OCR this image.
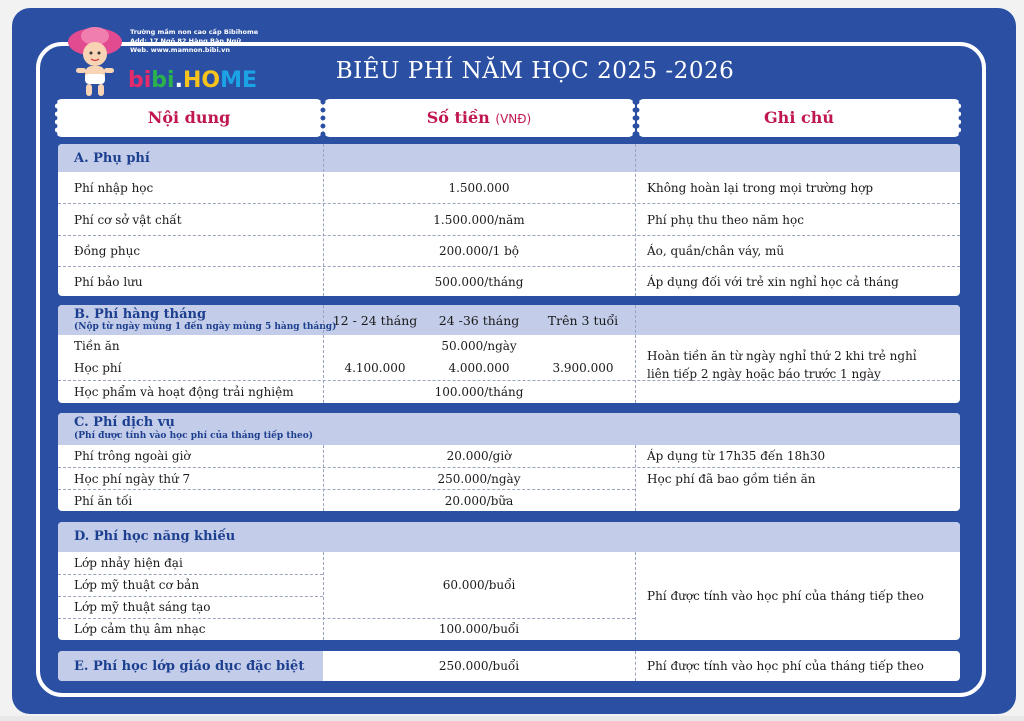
Trường mầm non cao cấp Bibihome
Add: 17 Ngõ 82 Hàng Bàn Ngữ
Web. www.mamnon.bibi.vn
bibi.HOME	BIÊU PHÍ NĂM HỌC 2025 -2026
Nội dung	Số tiền (VNĐ)	Ghi chú
A. Phụ phí
Phí nhập học	1.500.000	Không hoàn lại trong mọi trường hợp
Phí cơ sở vật chất	1.500.000/năm	Phí phụ thu theo năm học
Đồng phục	200.000/1 bộ	Áo, quần/chân váy, mũ
Phí bảo lưu	500.000/tháng	Áp dụng đối với trẻ xin nghỉ học cả tháng
B. Phí hàng tháng
(Nộp từ ngày mùng 1 đến ngày mùng 5 hàng tháng)
12 - 24 tháng	24 -36 tháng	Trên 3 tuổi
Tiền ăn	50.000/ngày
Học phí	4.100.000	4.000.000	3.900.000
Học phẩm và hoạt động trải nghiệm	100.000/tháng
Hoàn tiền ăn từ ngày nghỉ thứ 2 khi trẻ nghỉ
liên tiếp 2 ngày hoặc báo trước 1 ngày
C. Phí dịch vụ
(Phí được tính vào học phí của tháng tiếp theo)
Phí trông ngoài giờ	20.000/giờ	Áp dụng từ 17h35 đến 18h30
Học phí ngày thứ 7	250.000/ngày	Học phí đã bao gồm tiền ăn
Phí ăn tối	20.000/bữa
D. Phí học năng khiếu
Lớp nhảy hiện đại
Lớp mỹ thuật cơ bản	60.000/buổi
Lớp mỹ thuật sáng tạo
Lớp cảm thụ âm nhạc	100.000/buổi
Phí được tính vào học phí của tháng tiếp theo
E. Phí học lớp giáo dục đặc biệt	250.000/buổi	Phí được tính vào học phí của tháng tiếp theo
